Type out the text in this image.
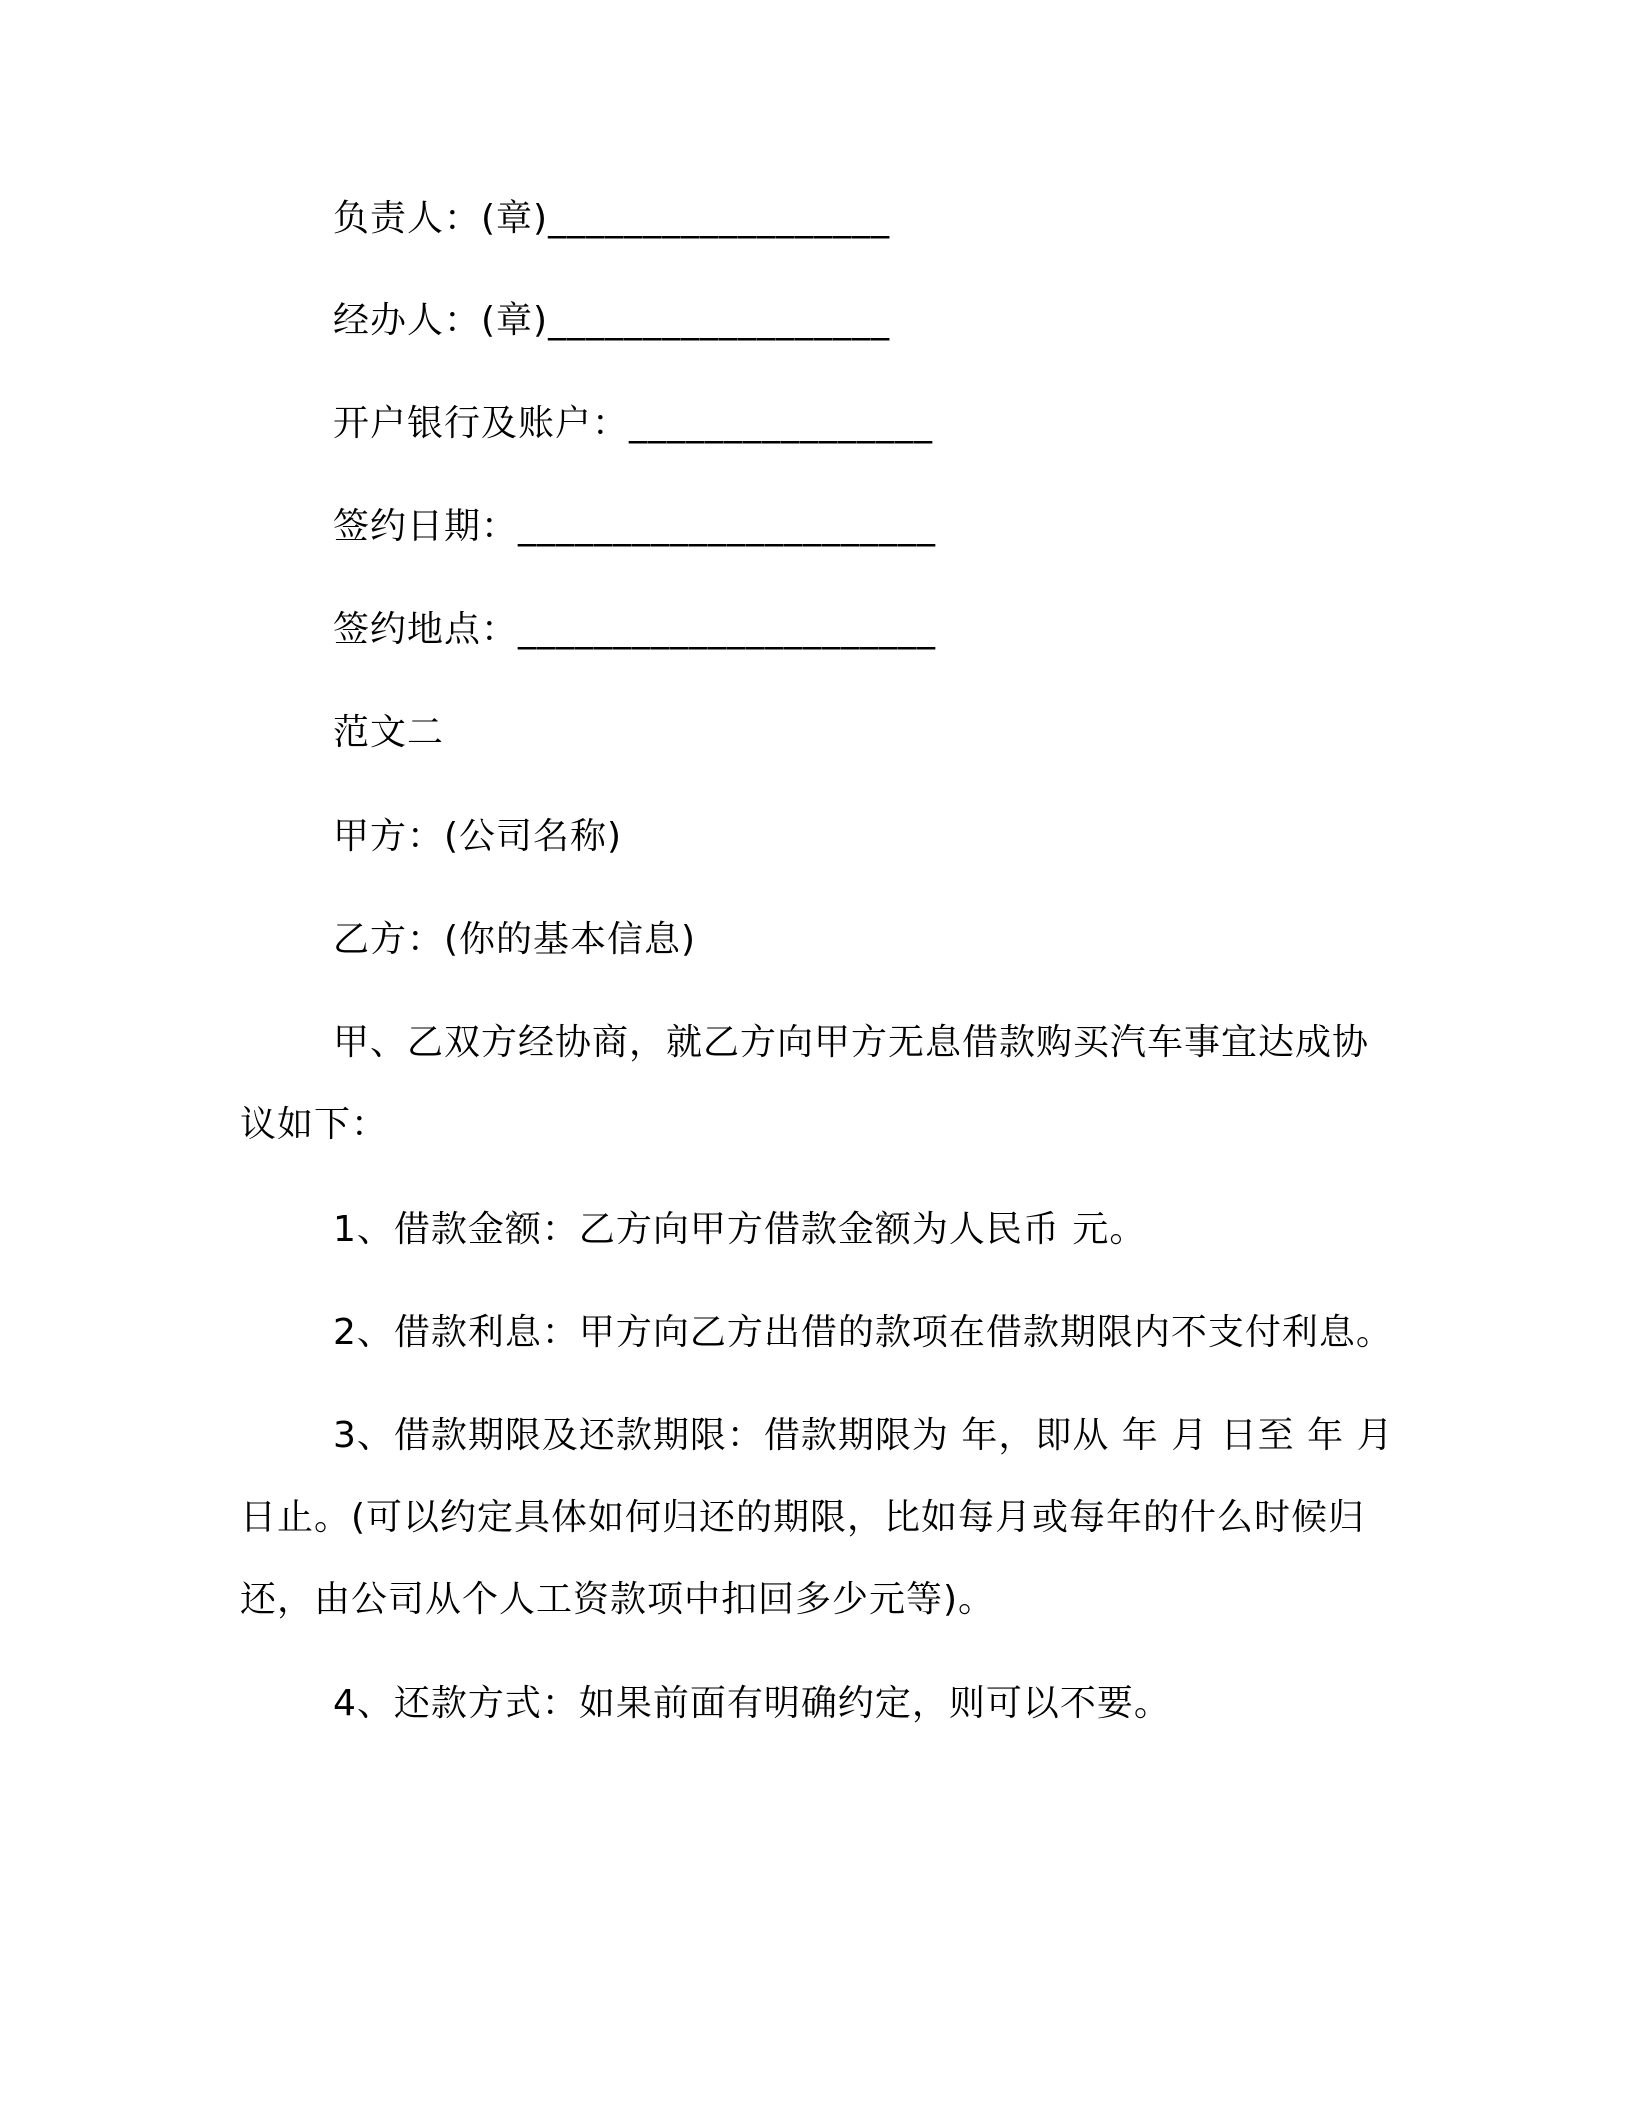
负责人：(章)__________________
经办人：(章)__________________
开户银行及账户：________________
签约日期：______________________
签约地点：______________________
范文二
甲方：(公司名称)
乙方：(你的基本信息)
甲、乙双方经协商，就乙方向甲方无息借款购买汽车事宜达成协
议如下：
1、借款金额：乙方向甲方借款金额为人民币 元。
2、借款利息：甲方向乙方出借的款项在借款期限内不支付利息。
3、借款期限及还款期限：借款期限为 年，即从 年 月 日至 年 月
日止。(可以约定具体如何归还的期限，比如每月或每年的什么时候归
还，由公司从个人工资款项中扣回多少元等)。
4、还款方式：如果前面有明确约定，则可以不要。
